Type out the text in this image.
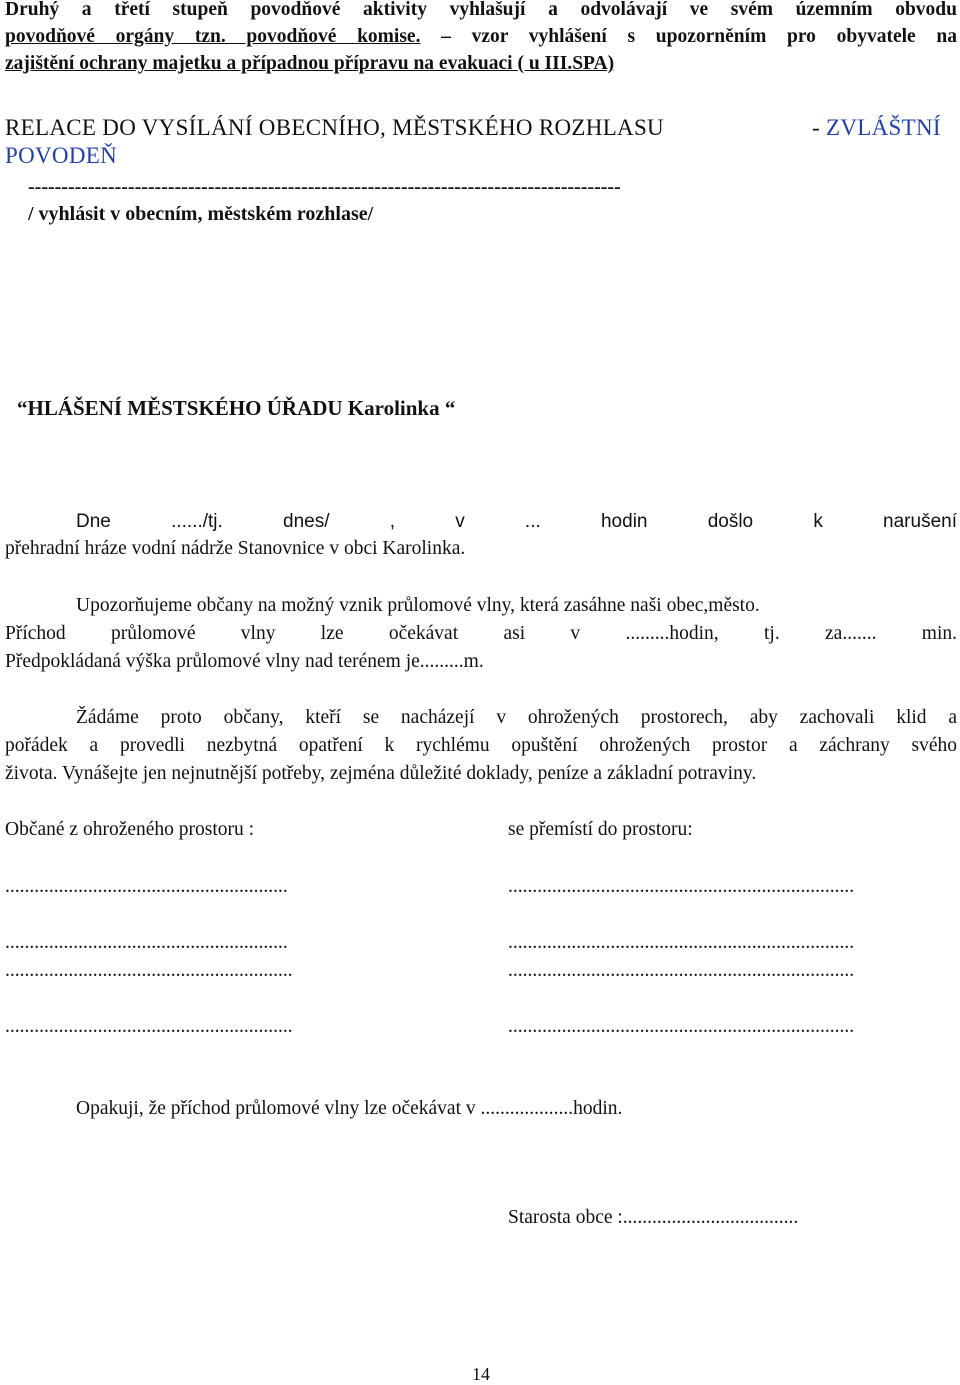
Druhý a třetí stupeň povodňové aktivity vyhlašují a odvolávají ve svém územním obvodu
povodňové orgány tzn. povodňové komise. – vzor vyhlášení s upozorněním pro obyvatele na
zajištění ochrany majetku a případnou přípravu na evakuaci ( u III.SPA)
RELACE DO VYSÍLÁNÍ OBECNÍHO, MĚSTSKÉHO ROZHLASU	- ZVLÁŠTNÍ
POVODEŇ
-----------------------------------------------------------------------------------------
/ vyhlásit v obecním, městském rozhlase/
“HLÁŠENÍ MĚSTSKÉHO ÚŘADU Karolinka “
Dne ....../tj. dnes/ , v ... hodin došlo k narušení
přehradní hráze vodní nádrže Stanovnice v obci Karolinka.
Upozorňujeme občany na možný vznik průlomové vlny, která zasáhne naši obec,město.
Příchod průlomové vlny lze očekávat asi v .........hodin, tj. za....... min.
Předpokládaná výška průlomové vlny nad terénem je.........m.
Žádáme proto občany, kteří se nacházejí v ohrožených prostorech, aby zachovali klid a
pořádek a provedli nezbytná opatření k rychlému opuštění ohrožených prostor a záchrany svého
života. Vynášejte jen nejnutnější potřeby, zejména důležité doklady, peníze a základní potraviny.
Občané z ohroženého prostoru :	se přemístí do prostoru:
..........................................................
..........................................................
...........................................................
...........................................................
.......................................................................
.......................................................................
.......................................................................
.......................................................................
Opakuji, že příchod průlomové vlny lze očekávat v ...................hodin.
Starosta obce :....................................
14
